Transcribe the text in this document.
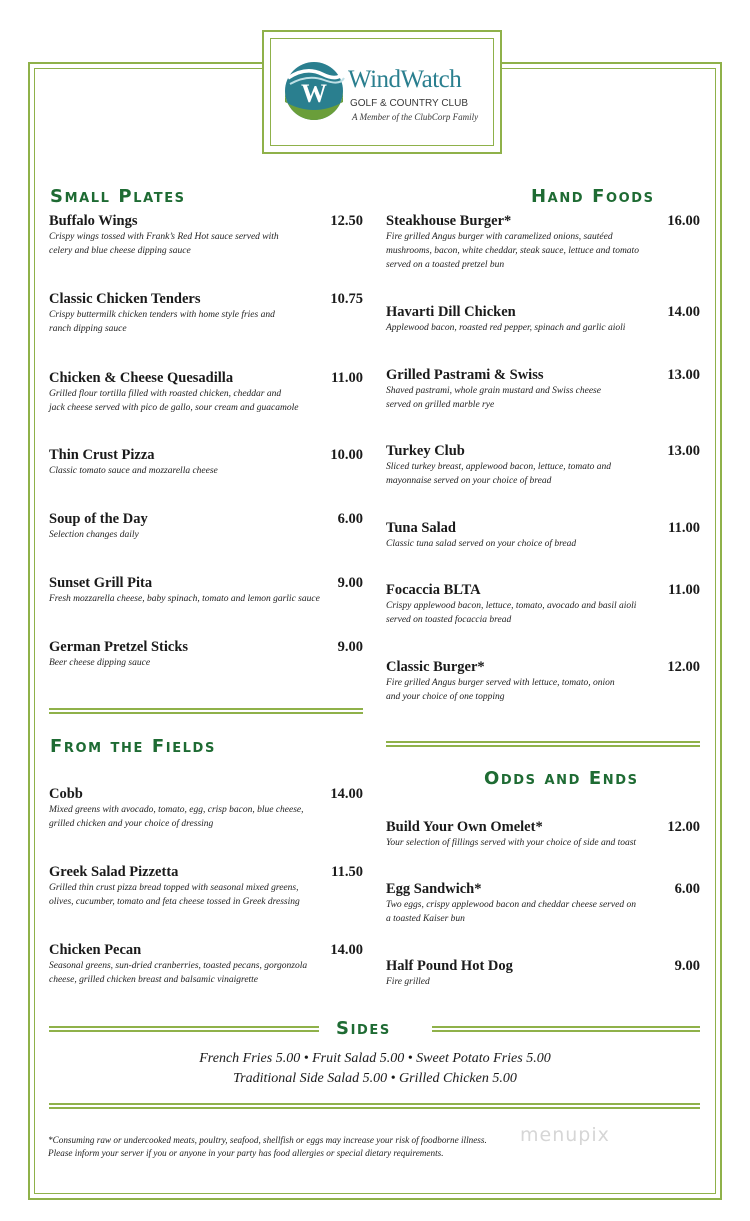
W WindWatch
GOLF & COUNTRY CLUB
A Member of the ClubCorp Family
Small Plates
Buffalo Wings	12.50
Crispy wings tossed with Frank’s Red Hot sauce served with
celery and blue cheese dipping sauce
Classic Chicken Tenders	10.75
Crispy buttermilk chicken tenders with home style fries and
ranch dipping sauce
Chicken & Cheese Quesadilla	11.00
Grilled flour tortilla filled with roasted chicken, cheddar and
jack cheese served with pico de gallo, sour cream and guacamole
Thin Crust Pizza	10.00
Classic tomato sauce and mozzarella cheese
Soup of the Day	6.00
Selection changes daily
Sunset Grill Pita	9.00
Fresh mozzarella cheese, baby spinach, tomato and lemon garlic sauce
German Pretzel Sticks	9.00
Beer cheese dipping sauce
From the Fields
Cobb	14.00
Mixed greens with avocado, tomato, egg, crisp bacon, blue cheese,
grilled chicken and your choice of dressing
Greek Salad Pizzetta	11.50
Grilled thin crust pizza bread topped with seasonal mixed greens,
olives, cucumber, tomato and feta cheese tossed in Greek dressing
Chicken Pecan	14.00
Seasonal greens, sun-dried cranberries, toasted pecans, gorgonzola
cheese, grilled chicken breast and balsamic vinaigrette
Hand Foods
Steakhouse Burger*	16.00
Fire grilled Angus burger with caramelized onions, sautéed
mushrooms, bacon, white cheddar, steak sauce, lettuce and tomato
served on a toasted pretzel bun
Havarti Dill Chicken	14.00
Applewood bacon, roasted red pepper, spinach and garlic aioli
Grilled Pastrami & Swiss	13.00
Shaved pastrami, whole grain mustard and Swiss cheese
served on grilled marble rye
Turkey Club	13.00
Sliced turkey breast, applewood bacon, lettuce, tomato and
mayonnaise served on your choice of bread
Tuna Salad	11.00
Classic tuna salad served on your choice of bread
Focaccia BLTA	11.00
Crispy applewood bacon, lettuce, tomato, avocado and basil aioli
served on toasted focaccia bread
Classic Burger*	12.00
Fire grilled Angus burger served with lettuce, tomato, onion
and your choice of one topping
Odds and Ends
Build Your Own Omelet*	12.00
Your selection of fillings served with your choice of side and toast
Egg Sandwich*	6.00
Two eggs, crispy applewood bacon and cheddar cheese served on
a toasted Kaiser bun
Half Pound Hot Dog	9.00
Fire grilled
Sides
French Fries 5.00 • Fruit Salad 5.00 • Sweet Potato Fries 5.00
Traditional Side Salad 5.00 • Grilled Chicken 5.00
*Consuming raw or undercooked meats, poultry, seafood, shellfish or eggs may increase your risk of foodborne illness.
Please inform your server if you or anyone in your party has food allergies or special dietary requirements.
menupix
